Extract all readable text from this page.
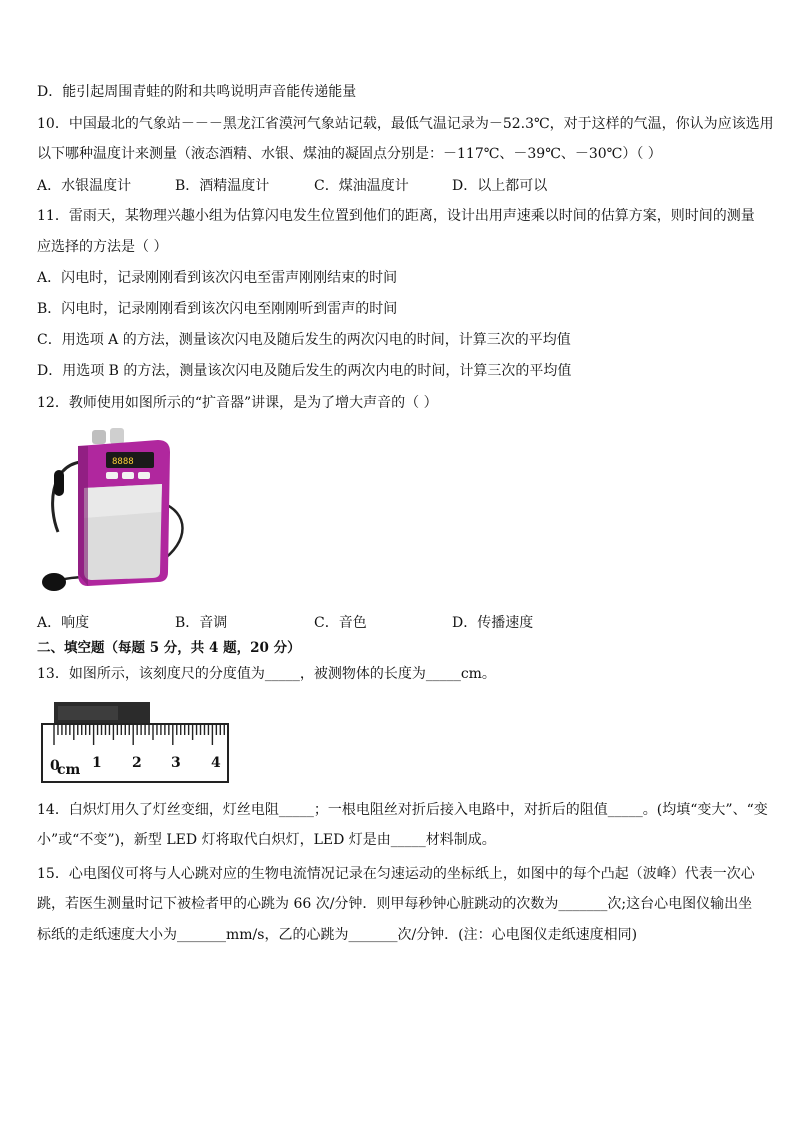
D．能引起周围青蛙的附和共鸣说明声音能传递能量
10．中国最北的气象站－－－黑龙江省漠河气象站记载，最低气温记录为－52.3℃，对于这样的气温，你认为应该选用
以下哪种温度计来测量（液态酒精、水银、煤油的凝固点分别是：－117℃、－39℃、－30℃）（ ）
A．水银温度计	B．酒精温度计	C．煤油温度计	D．以上都可以
11．雷雨天，某物理兴趣小组为估算闪电发生位置到他们的距离，设计出用声速乘以时间的估算方案，则时间的测量
应选择的方法是（ ）
A．闪电时，记录刚刚看到该次闪电至雷声刚刚结束的时间
B．闪电时，记录刚刚看到该次闪电至刚刚听到雷声的时间
C．用选项 A 的方法，测量该次闪电及随后发生的两次闪电的时间，计算三次的平均值
D．用选项 B 的方法，测量该次闪电及随后发生的两次内电的时间，计算三次的平均值
12．教师使用如图所示的“扩音器”讲课，是为了增大声音的（ ）
8888
A．响度	B．音调	C．音色	D．传播速度
二、填空题（每题 5 分，共 4 题，20 分）
13．如图所示，该刻度尺的分度值为_____，被测物体的长度为_____cm。
0
cm 1 2 3 4
14．白炽灯用久了灯丝变细，灯丝电阻_____；一根电阻丝对折后接入电路中，对折后的阻值_____。(均填“变大”、“变
小”或“不变”)，新型 LED 灯将取代白炽灯，LED 灯是由_____材料制成。
15．心电图仪可将与人心跳对应的生物电流情况记录在匀速运动的坐标纸上，如图中的每个凸起（波峰）代表一次心
跳，若医生测量时记下被检者甲的心跳为 66 次/分钟．则甲每秒钟心脏跳动的次数为_______次;这台心电图仪输出坐
标纸的走纸速度大小为_______mm/s，乙的心跳为_______次/分钟．(注：心电图仪走纸速度相同)
